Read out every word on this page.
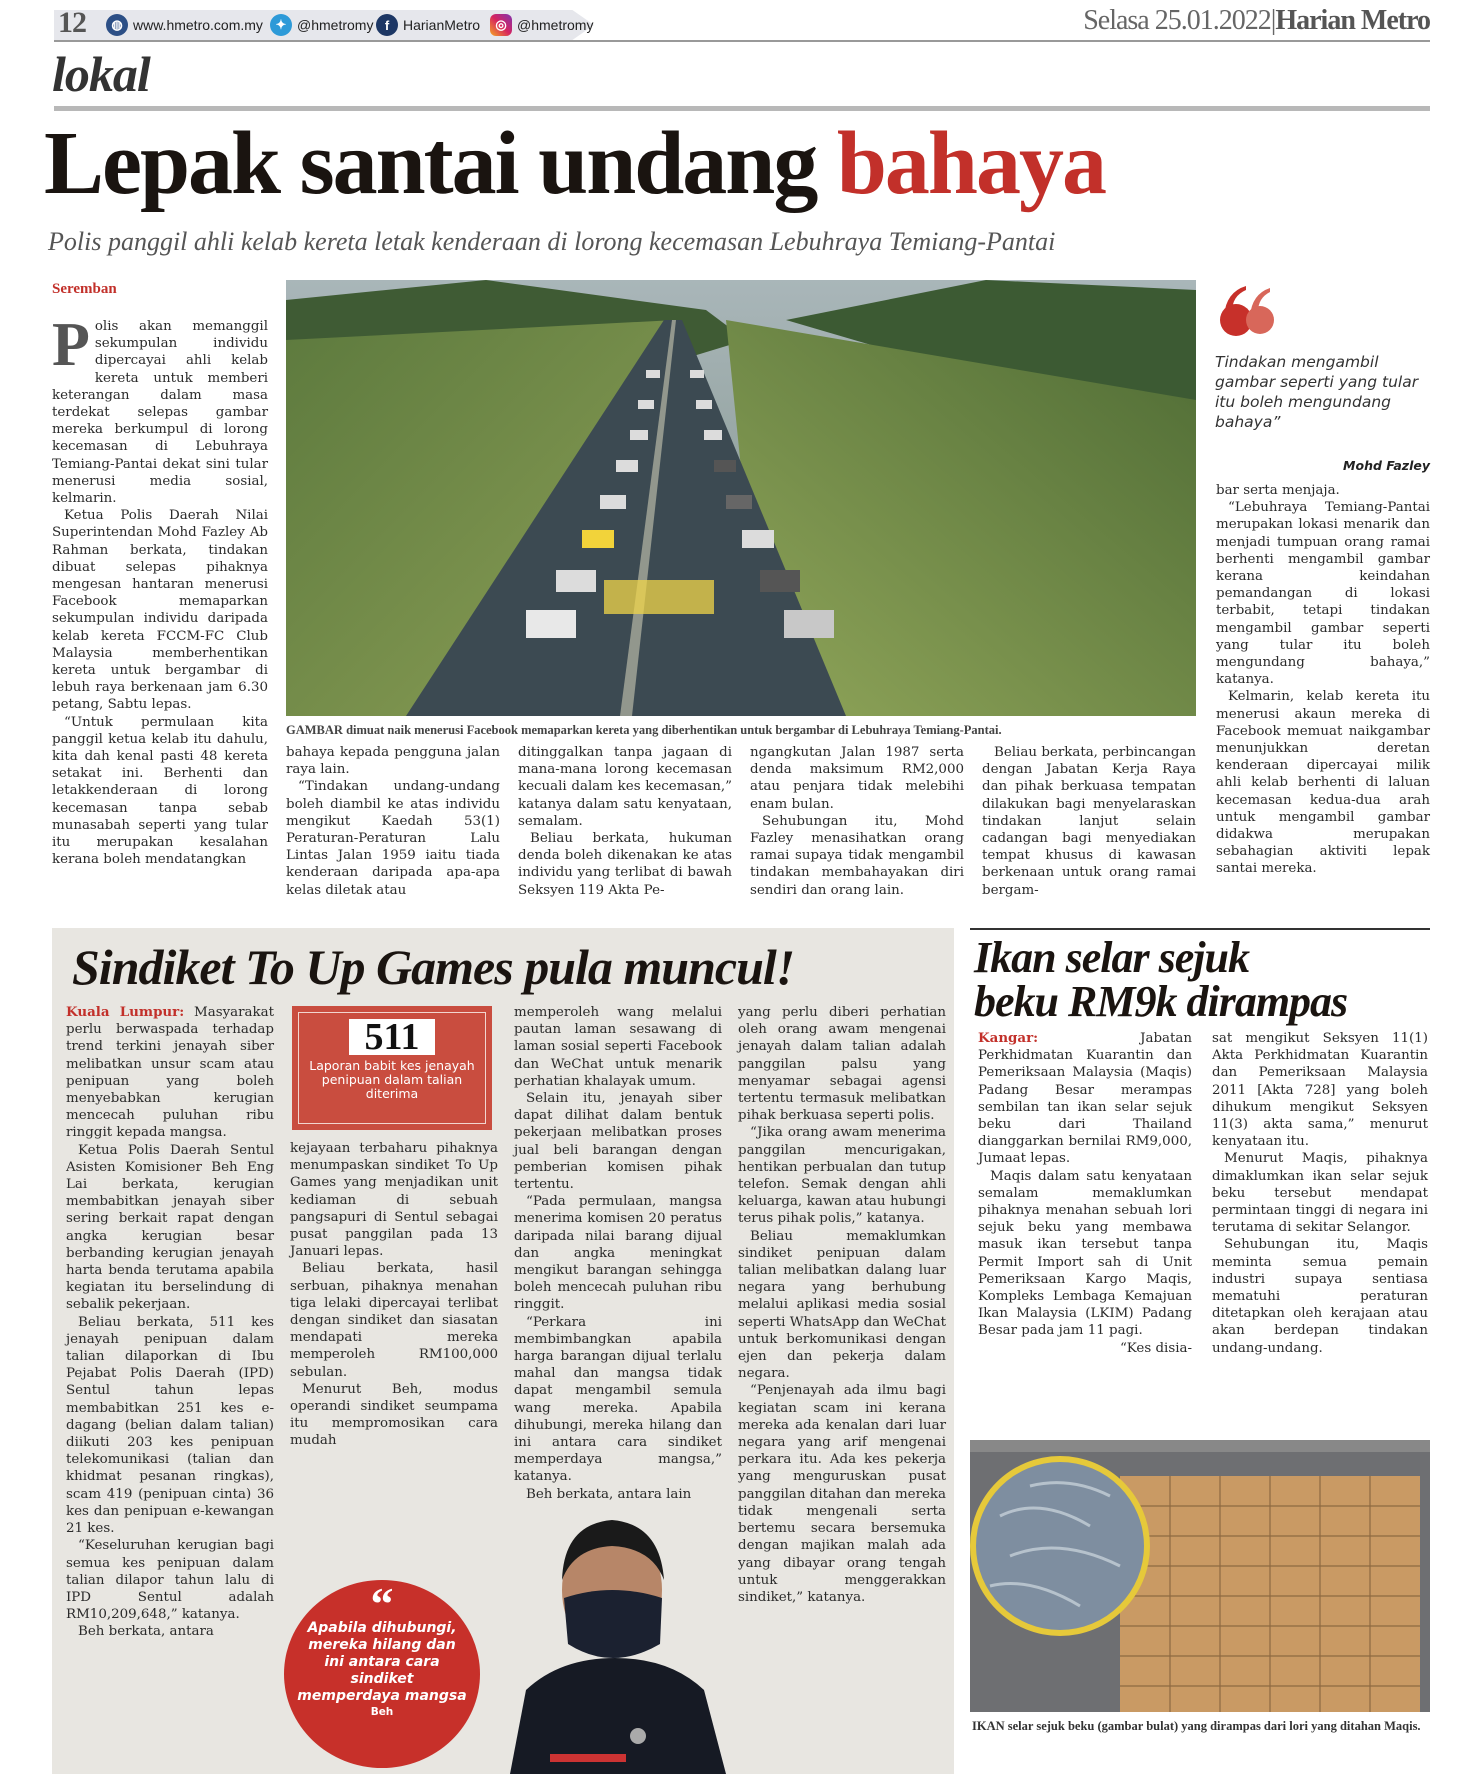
12	◍ www.hmetro.com.my ✦ @hmetromy f HarianMetro	◎ @hmetromy	Selasa 25.01.2022|Harian Metro
lokal
Lepak santai undang bahaya
Polis panggil ahli kelab kereta letak kenderaan di lorong kecemasan Lebuhraya Temiang-Pantai
Seremban

Polis akan memanggil sekumpulan individu dipercayai ahli kelab kereta untuk memberi keterangan dalam masa terdekat selepas gambar mereka berkumpul di lorong kecemasan di Lebuhraya Temiang-Pantai dekat sini tular menerusi media sosial, kelmarin.

Ketua Polis Daerah Nilai Superintendan Mohd Fazley Ab Rahman berkata, tindakan dibuat selepas pihaknya mengesan hantaran menerusi Facebook memaparkan sekumpulan individu daripada kelab kereta FCCM-FC Club Malaysia memberhentikan kereta untuk bergambar di lebuh raya berkenaan jam 6.30 petang, Sabtu lepas.

“Untuk permulaan kita panggil ketua kelab itu dahulu, kita dah kenal pasti 48 kereta setakat ini. Berhenti dan letakkenderaan di lorong kecemasan tanpa sebab munasabah seperti yang tular itu merupakan kesalahan kerana boleh mendatangkan

GAMBAR dimuat naik menerusi Facebook memaparkan kereta yang diberhentikan untuk bergambar di Lebuhraya Temiang-Pantai.

bahaya kepada pengguna jalan raya lain.

“Tindakan undang-undang boleh diambil ke atas individu mengikut Kaedah 53(1) Peraturan-Peraturan Lalu Lintas Jalan 1959 iaitu tiada kenderaan daripada apa-apa kelas diletak atau

ditinggalkan tanpa jagaan di mana-mana lorong kecemasan kecuali dalam kes kecemasan,” katanya dalam satu kenyataan, semalam.

Beliau berkata, hukuman denda boleh dikenakan ke atas individu yang terlibat di bawah Seksyen 119 Akta Pe-

ngangkutan Jalan 1987 serta denda maksimum RM2,000 atau penjara tidak melebihi enam bulan.

Sehubungan itu, Mohd Fazley menasihatkan orang ramai supaya tidak mengambil tindakan membahayakan diri sendiri dan orang lain.

Beliau berkata, perbincangan dengan Jabatan Kerja Raya dan pihak berkuasa tempatan dilakukan bagi menyelaraskan tindakan lanjut selain cadangan bagi menyediakan tempat khusus di kawasan berkenaan untuk orang ramai bergam-

Tindakan mengambil gambar seperti yang tular itu boleh mengundang bahaya”
Mohd Fazley

bar serta menjaja.

“Lebuhraya Temiang-Pantai merupakan lokasi menarik dan menjadi tumpuan orang ramai berhenti mengambil gambar kerana keindahan pemandangan di lokasi terbabit, tetapi tindakan mengambil gambar seperti yang tular itu boleh mengundang bahaya,” katanya.

Kelmarin, kelab kereta itu menerusi akaun mereka di Facebook memuat naikgambar menunjukkan deretan kenderaan dipercayai milik ahli kelab berhenti di laluan kecemasan kedua-dua arah untuk mengambil gambar didakwa merupakan sebahagian aktiviti lepak santai mereka.

Sindiket To Up Games pula muncul!

Kuala Lumpur: Masyarakat perlu berwaspada terhadap trend terkini jenayah siber melibatkan unsur scam atau penipuan yang boleh menyebabkan kerugian mencecah puluhan ribu ringgit kepada mangsa.

Ketua Polis Daerah Sentul Asisten Komisioner Beh Eng Lai berkata, kerugian membabitkan jenayah siber sering berkait rapat dengan angka kerugian besar berbanding kerugian jenayah harta benda terutama apabila kegiatan itu berselindung di sebalik pekerjaan.

Beliau berkata, 511 kes jenayah penipuan dalam talian dilaporkan di Ibu Pejabat Polis Daerah (IPD) Sentul tahun lepas membabitkan 251 kes e-dagang (belian dalam talian) diikuti 203 kes penipuan telekomunikasi (talian dan khidmat pesanan ringkas), scam 419 (penipuan cinta) 36 kes dan penipuan e-kewangan 21 kes.

“Keseluruhan kerugian bagi semua kes penipuan dalam talian dilapor tahun lalu di IPD Sentul adalah RM10,209,648,” katanya.

Beh berkata, antara

511
Laporan babit kes jenayah penipuan dalam talian diterima

kejayaan terbaharu pihaknya menumpaskan sindiket To Up Games yang menjadikan unit kediaman di sebuah pangsapuri di Sentul sebagai pusat panggilan pada 13 Januari lepas.

Beliau berkata, hasil serbuan, pihaknya menahan tiga lelaki dipercayai terlibat dengan sindiket dan siasatan mendapati mereka memperoleh RM100,000 sebulan.

Menurut Beh, modus operandi sindiket seumpama itu mempromosikan cara mudah

memperoleh wang melalui pautan laman sesawang di laman sosial seperti Facebook dan WeChat untuk menarik perhatian khalayak umum.

Selain itu, jenayah siber dapat dilihat dalam bentuk pekerjaan melibatkan proses jual beli barangan dengan pemberian komisen pihak tertentu.

“Pada permulaan, mangsa menerima komisen 20 peratus daripada nilai barang dijual dan angka meningkat mengikut barangan sehingga boleh mencecah puluhan ribu ringgit.

“Perkara ini membimbangkan apabila harga barangan dijual terlalu mahal dan mangsa tidak dapat mengambil semula wang mereka. Apabila dihubungi, mereka hilang dan ini antara cara sindiket memperdaya mangsa,” katanya.

Beh berkata, antara lain

yang perlu diberi perhatian oleh orang awam mengenai jenayah dalam talian adalah panggilan palsu yang menyamar sebagai agensi tertentu termasuk melibatkan pihak berkuasa seperti polis.

“Jika orang awam menerima panggilan mencurigakan, hentikan perbualan dan tutup telefon. Semak dengan ahli keluarga, kawan atau hubungi terus pihak polis,” katanya.

Beliau memaklumkan sindiket penipuan dalam talian melibatkan dalang luar negara yang berhubung melalui aplikasi media sosial seperti WhatsApp dan WeChat untuk berkomunikasi dengan ejen dan pekerja dalam negara.

“Penjenayah ada ilmu bagi kegiatan scam ini kerana mereka ada kenalan dari luar negara yang arif mengenai perkara itu. Ada kes pekerja yang menguruskan pusat panggilan ditahan dan mereka tidak mengenali serta bertemu secara bersemuka dengan majikan malah ada yang dibayar orang tengah untuk menggerakkan sindiket,” katanya.

“
Apabila dihubungi, mereka hilang dan ini antara cara sindiket memperdaya mangsa
Beh
Ikan selar sejuk
beku RM9k dirampas

Kangar:	Jabatan Perkhidmatan Kuarantin dan Pemeriksaan Malaysia (Maqis) Padang Besar merampas sembilan tan ikan selar sejuk beku dari Thailand dianggarkan bernilai RM9,000, Jumaat lepas.

Maqis dalam satu kenyataan semalam memaklumkan pihaknya menahan sebuah lori sejuk beku yang membawa masuk ikan tersebut tanpa Permit Import sah di Unit Pemeriksaan Kargo Maqis, Kompleks Lembaga Kemajuan Ikan Malaysia (LKIM) Padang Besar pada jam 11 pagi.

“Kes disia-

sat mengikut Seksyen 11(1) Akta Perkhidmatan Kuarantin dan Pemeriksaan Malaysia 2011 [Akta 728] yang boleh dihukum mengikut Seksyen 11(3) akta sama,” menurut kenyataan itu.

Menurut Maqis, pihaknya dimaklumkan ikan selar sejuk beku tersebut mendapat permintaan tinggi di negara ini terutama di sekitar Selangor.

Sehubungan itu, Maqis meminta semua pemain industri supaya sentiasa mematuhi peraturan ditetapkan oleh kerajaan atau akan berdepan tindakan undang-undang.

IKAN selar sejuk beku (gambar bulat) yang dirampas dari lori yang ditahan Maqis.
